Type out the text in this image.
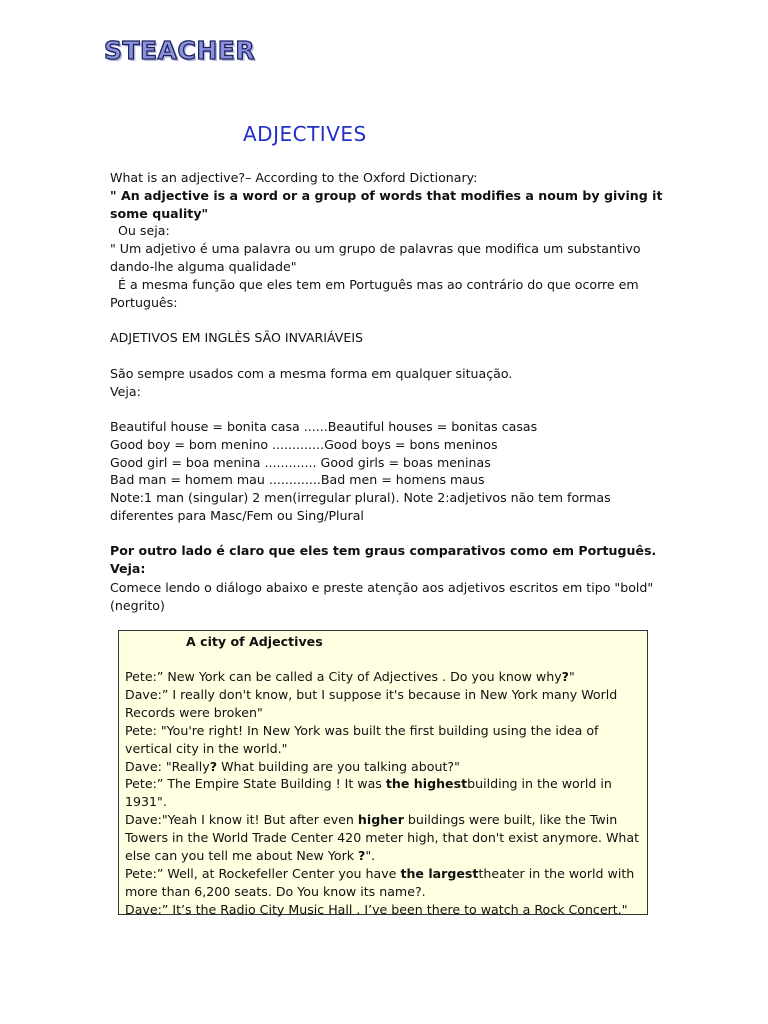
STEACHER
ADJECTIVES
What is an adjective?– According to the Oxford Dictionary:
" An adjective is a word or a group of words that modifies a noum by giving it some quality"
Ou seja:
" Um adjetivo é uma palavra ou um grupo de palavras que modifica um substantivo dando-lhe alguma qualidade"
É a mesma função que eles tem em Português mas ao contrário do que ocorre em Português:
ADJETIVOS EM INGLÈS SÃO INVARIÁVEIS
São sempre usados com a mesma forma em qualquer situação.
Veja:
Beautiful house = bonita casa ......Beautiful houses = bonitas casas
Good boy = bom menino .............Good boys = bons meninos
Good girl = boa menina ............. Good girls = boas meninas
Bad man = homem mau .............Bad men = homens maus
Note:1 man (singular) 2 men(irregular plural). Note 2:adjetivos não tem formas diferentes para Masc/Fem ou Sing/Plural
Por outro lado é claro que eles tem graus comparativos como em Português. Veja:
Comece lendo o diálogo abaixo e preste atenção aos adjetivos escritos em tipo "bold"(negrito)
A city of Adjectives
Pete:” New York can be called a City of Adjectives . Do you know why?"
Dave:” I really don't know, but I suppose it's because in New York many World Records were broken"
Pete: "You're right! In New York was built the first building using the idea of vertical city in the world."
Dave: "Really? What building are you talking about?"
Pete:” The Empire State Building ! It was the highestbuilding in the world in 1931".
Dave:"Yeah I know it! But after even higher buildings were built, like the Twin Towers in the World Trade Center 420 meter high, that don't exist anymore. What else can you tell me about New York ?".
Pete:” Well, at Rockefeller Center you have the largesttheater in the world with more than 6,200 seats. Do You know its name?.
Dave:” It’s the Radio City Music Hall . I’ve been there to watch a Rock Concert."
